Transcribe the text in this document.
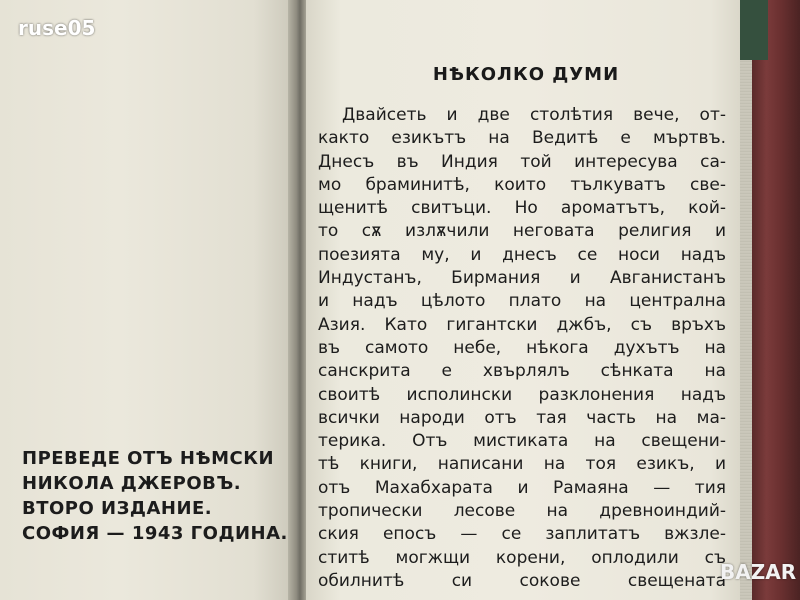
ruse05
ПРЕВЕДЕ ОТЪ НѢМСКИ
НИКОЛА ДЖЕРОВЪ.
ВТОРО ИЗДАНИЕ.
СОФИЯ — 1943 ГОДИНА.
НѢКОЛКО ДУМИ
Двайсеть и две столѣтия вече, от-
както езикътъ на Ведитѣ е мъртвъ.
Днесъ въ Индия той интересува са-
мо браминитѣ, които тълкуватъ све-
щенитѣ свитъци. Но ароматътъ, кой-
то сѫ излѫчили неговата религия и
поезията му, и днесъ се носи надъ
Индустанъ, Бирмания и Авганистанъ
и надъ цѣлото плато на централна
Азия. Като гигантски джбъ, съ връхъ
въ самото небе, нѣкога духътъ на
санскрита е хвърлялъ сѣнката на
своитѣ исполински разклонения надъ
всички народи отъ тая часть на ма-
терика. Отъ мистиката на свещени-
тѣ книги, написани на тоя езикъ, и
отъ Махабхарата и Рамаяна — тия
тропически лесове на древноиндий-
ския епосъ — се заплитатъ вжзле-
ститѣ могжщи корени, оплодили съ
обилнитѣ си сокове свещената
BAZAR
